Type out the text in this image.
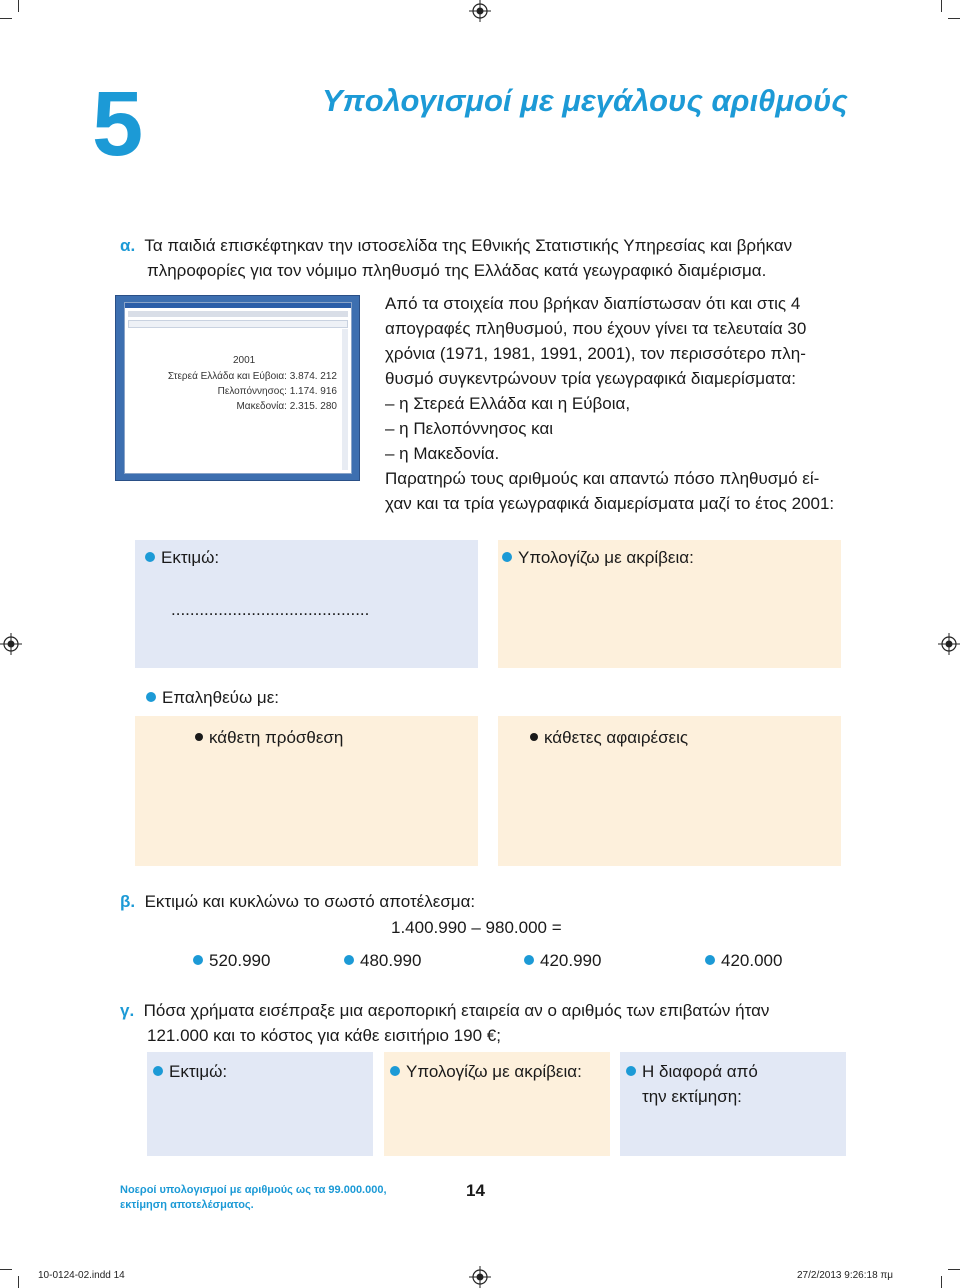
5	Υπολογισμοί με μεγάλους αριθμούς
α. Τα παιδιά επισκέφτηκαν την ιστοσελίδα της Εθνικής Στατιστικής Υπηρεσίας και βρήκαν
πληροφορίες για τον νόμιμο πληθυσμό της Ελλάδας κατά γεωγραφικό διαμέρισμα.
2001
Στερεά Ελλάδα και Εύβοια: 3.874. 212
Πελοπόννησος: 1.174. 916
Μακεδονία: 2.315. 280
Από τα στοιχεία που βρήκαν διαπίστωσαν ότι και στις 4
απογραφές πληθυσμού, που έχουν γίνει τα τελευταία 30
χρόνια (1971, 1981, 1991, 2001), τον περισσότερο πλη-
θυσμό συγκεντρώνουν τρία γεωγραφικά διαμερίσματα:
– η Στερεά Ελλάδα και η Εύβοια,
– η Πελοπόννησος και
– η Μακεδονία.
Παρατηρώ τους αριθμούς και απαντώ πόσο πληθυσμό εί-
χαν και τα τρία γεωγραφικά διαμερίσματα μαζί το έτος 2001:
Εκτιμώ:
..........................................
Υπολογίζω με ακρίβεια:
Επαληθεύω με:
κάθετη πρόσθεση	κάθετες αφαιρέσεις
β. Εκτιμώ και κυκλώνω το σωστό αποτέλεσμα:
1.400.990 – 980.000 =
520.990	480.990	420.990	420.000
γ. Πόσα χρήματα εισέπραξε μια αεροπορική εταιρεία αν ο αριθμός των επιβατών ήταν
121.000 και το κόστος για κάθε εισιτήριο 190 €;
Εκτιμώ:	Υπολογίζω με ακρίβεια:	Η διαφορά από
την εκτίμηση:
Νοεροί υπολογισμοί με αριθμούς ως τα 99.000.000,
εκτίμηση αποτελέσματος.
14
10-0124-02.indd 14	27/2/2013 9:26:18 πμ
